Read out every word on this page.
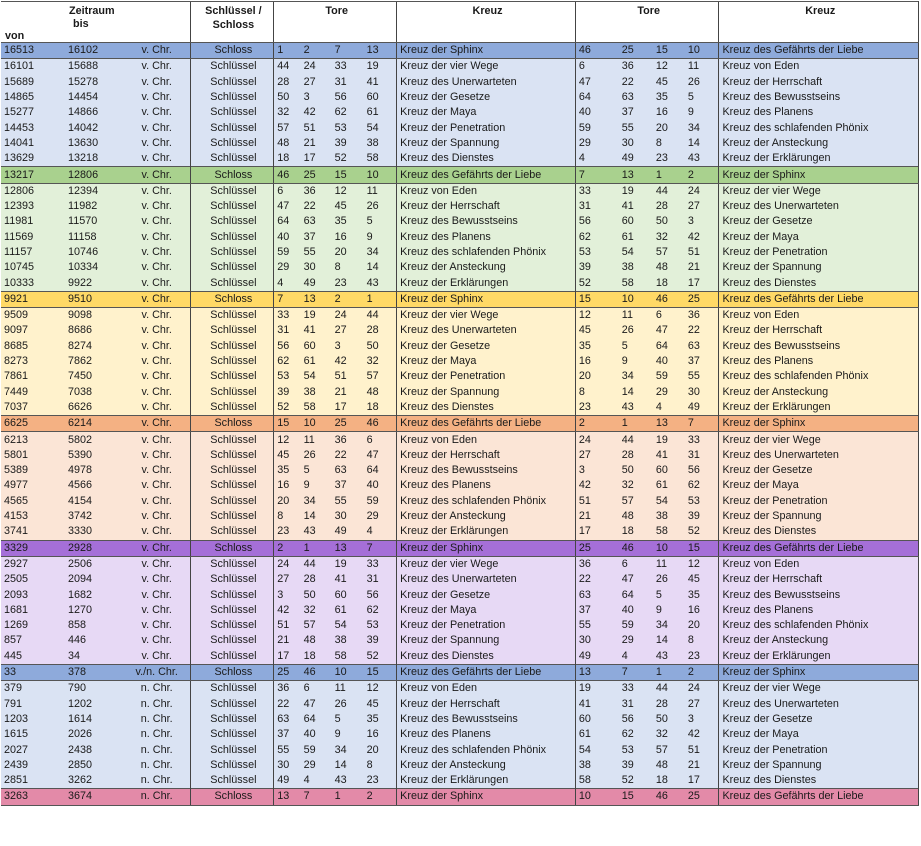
Zeitraum
von
bis			Schlüssel /
Schloss	Tore				Kreuz	Tore				Kreuz

16513	16102	v. Chr.	Schloss	1	2	7	13	Kreuz der Sphinx	46	25	15	10	Kreuz des Gefährts der Liebe
16101	15688	v. Chr.	Schlüssel	44	24	33	19	Kreuz der vier Wege	6	36	12	11	Kreuz von Eden
15689	15278	v. Chr.	Schlüssel	28	27	31	41	Kreuz des Unerwarteten	47	22	45	26	Kreuz der Herrschaft
14865	14454	v. Chr.	Schlüssel	50	3	56	60	Kreuz der Gesetze	64	63	35	5	Kreuz des Bewusstseins
15277	14866	v. Chr.	Schlüssel	32	42	62	61	Kreuz der Maya	40	37	16	9	Kreuz des Planens
14453	14042	v. Chr.	Schlüssel	57	51	53	54	Kreuz der Penetration	59	55	20	34	Kreuz des schlafenden Phönix
14041	13630	v. Chr.	Schlüssel	48	21	39	38	Kreuz der Spannung	29	30	8	14	Kreuz der Ansteckung
13629	13218	v. Chr.	Schlüssel	18	17	52	58	Kreuz des Dienstes	4	49	23	43	Kreuz der Erklärungen
13217	12806	v. Chr.	Schloss	46	25	15	10	Kreuz des Gefährts der Liebe	7	13	1	2	Kreuz der Sphinx
12806	12394	v. Chr.	Schlüssel	6	36	12	11	Kreuz von Eden	33	19	44	24	Kreuz der vier Wege
12393	11982	v. Chr.	Schlüssel	47	22	45	26	Kreuz der Herrschaft	31	41	28	27	Kreuz des Unerwarteten
11981	11570	v. Chr.	Schlüssel	64	63	35	5	Kreuz des Bewusstseins	56	60	50	3	Kreuz der Gesetze
11569	11158	v. Chr.	Schlüssel	40	37	16	9	Kreuz des Planens	62	61	32	42	Kreuz der Maya
11157	10746	v. Chr.	Schlüssel	59	55	20	34	Kreuz des schlafenden Phönix	53	54	57	51	Kreuz der Penetration
10745	10334	v. Chr.	Schlüssel	29	30	8	14	Kreuz der Ansteckung	39	38	48	21	Kreuz der Spannung
10333	9922	v. Chr.	Schlüssel	4	49	23	43	Kreuz der Erklärungen	52	58	18	17	Kreuz des Dienstes
9921	9510	v. Chr.	Schloss	7	13	2	1	Kreuz der Sphinx	15	10	46	25	Kreuz des Gefährts der Liebe
9509	9098	v. Chr.	Schlüssel	33	19	24	44	Kreuz der vier Wege	12	11	6	36	Kreuz von Eden
9097	8686	v. Chr.	Schlüssel	31	41	27	28	Kreuz des Unerwarteten	45	26	47	22	Kreuz der Herrschaft
8685	8274	v. Chr.	Schlüssel	56	60	3	50	Kreuz der Gesetze	35	5	64	63	Kreuz des Bewusstseins
8273	7862	v. Chr.	Schlüssel	62	61	42	32	Kreuz der Maya	16	9	40	37	Kreuz des Planens
7861	7450	v. Chr.	Schlüssel	53	54	51	57	Kreuz der Penetration	20	34	59	55	Kreuz des schlafenden Phönix
7449	7038	v. Chr.	Schlüssel	39	38	21	48	Kreuz der Spannung	8	14	29	30	Kreuz der Ansteckung
7037	6626	v. Chr.	Schlüssel	52	58	17	18	Kreuz des Dienstes	23	43	4	49	Kreuz der Erklärungen
6625	6214	v. Chr.	Schloss	15	10	25	46	Kreuz des Gefährts der Liebe	2	1	13	7	Kreuz der Sphinx
6213	5802	v. Chr.	Schlüssel	12	11	36	6	Kreuz von Eden	24	44	19	33	Kreuz der vier Wege
5801	5390	v. Chr.	Schlüssel	45	26	22	47	Kreuz der Herrschaft	27	28	41	31	Kreuz des Unerwarteten
5389	4978	v. Chr.	Schlüssel	35	5	63	64	Kreuz des Bewusstseins	3	50	60	56	Kreuz der Gesetze
4977	4566	v. Chr.	Schlüssel	16	9	37	40	Kreuz des Planens	42	32	61	62	Kreuz der Maya
4565	4154	v. Chr.	Schlüssel	20	34	55	59	Kreuz des schlafenden Phönix	51	57	54	53	Kreuz der Penetration
4153	3742	v. Chr.	Schlüssel	8	14	30	29	Kreuz der Ansteckung	21	48	38	39	Kreuz der Spannung
3741	3330	v. Chr.	Schlüssel	23	43	49	4	Kreuz der Erklärungen	17	18	58	52	Kreuz des Dienstes
3329	2928	v. Chr.	Schloss	2	1	13	7	Kreuz der Sphinx	25	46	10	15	Kreuz des Gefährts der Liebe
2927	2506	v. Chr.	Schlüssel	24	44	19	33	Kreuz der vier Wege	36	6	11	12	Kreuz von Eden
2505	2094	v. Chr.	Schlüssel	27	28	41	31	Kreuz des Unerwarteten	22	47	26	45	Kreuz der Herrschaft
2093	1682	v. Chr.	Schlüssel	3	50	60	56	Kreuz der Gesetze	63	64	5	35	Kreuz des Bewusstseins
1681	1270	v. Chr.	Schlüssel	42	32	61	62	Kreuz der Maya	37	40	9	16	Kreuz des Planens
1269	858	v. Chr.	Schlüssel	51	57	54	53	Kreuz der Penetration	55	59	34	20	Kreuz des schlafenden Phönix
857	446	v. Chr.	Schlüssel	21	48	38	39	Kreuz der Spannung	30	29	14	8	Kreuz der Ansteckung
445	34	v. Chr.	Schlüssel	17	18	58	52	Kreuz des Dienstes	49	4	43	23	Kreuz der Erklärungen
33	378	v./n. Chr.	Schloss	25	46	10	15	Kreuz des Gefährts der Liebe	13	7	1	2	Kreuz der Sphinx
379	790	n. Chr.	Schlüssel	36	6	11	12	Kreuz von Eden	19	33	44	24	Kreuz der vier Wege
791	1202	n. Chr.	Schlüssel	22	47	26	45	Kreuz der Herrschaft	41	31	28	27	Kreuz des Unerwarteten
1203	1614	n. Chr.	Schlüssel	63	64	5	35	Kreuz des Bewusstseins	60	56	50	3	Kreuz der Gesetze
1615	2026	n. Chr.	Schlüssel	37	40	9	16	Kreuz des Planens	61	62	32	42	Kreuz der Maya
2027	2438	n. Chr.	Schlüssel	55	59	34	20	Kreuz des schlafenden Phönix	54	53	57	51	Kreuz der Penetration
2439	2850	n. Chr.	Schlüssel	30	29	14	8	Kreuz der Ansteckung	38	39	48	21	Kreuz der Spannung
2851	3262	n. Chr.	Schlüssel	49	4	43	23	Kreuz der Erklärungen	58	52	18	17	Kreuz des Dienstes
3263	3674	n. Chr.	Schloss	13	7	1	2	Kreuz der Sphinx	10	15	46	25	Kreuz des Gefährts der Liebe
